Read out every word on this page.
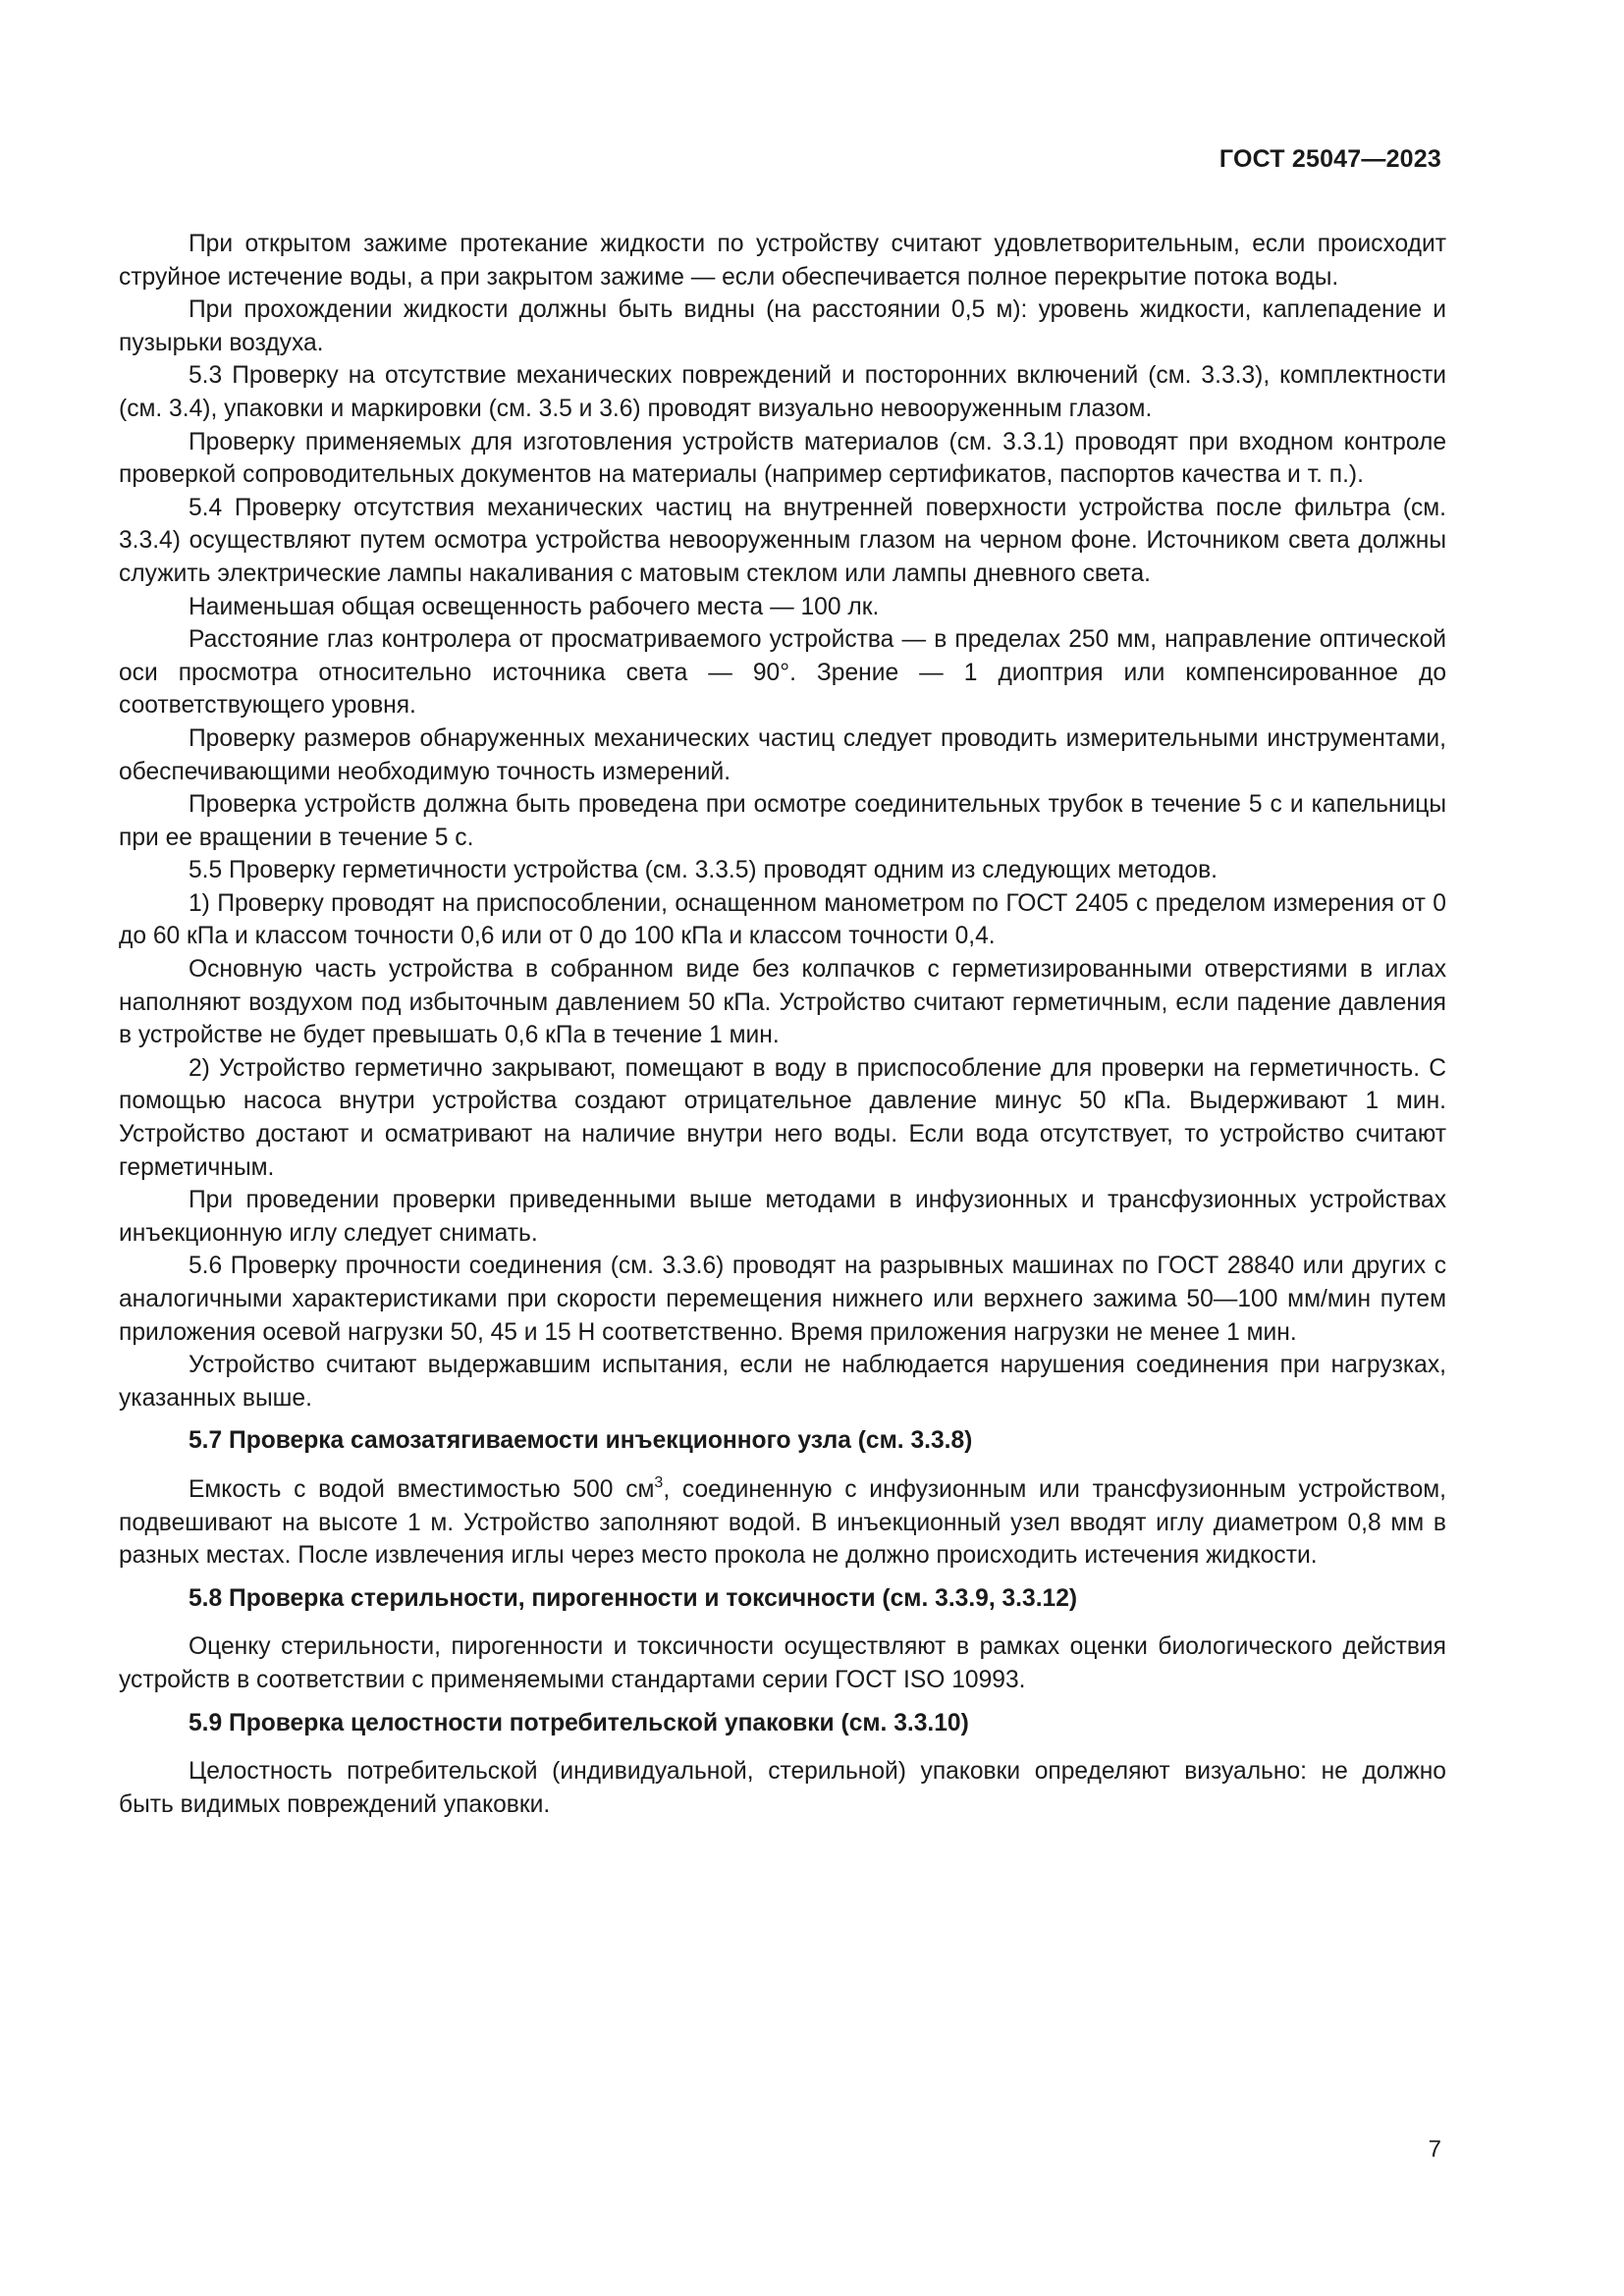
ГОСТ 25047—2023

При открытом зажиме протекание жидкости по устройству считают удовлетворительным, если происходит струйное истечение воды, а при закрытом зажиме — если обеспечивается полное перекрытие потока воды.

При прохождении жидкости должны быть видны (на расстоянии 0,5 м): уровень жидкости, каплепадение и пузырьки воздуха.

5.3 Проверку на отсутствие механических повреждений и посторонних включений (см. 3.3.3), комплектности (см. 3.4), упаковки и маркировки (см. 3.5 и 3.6) проводят визуально невооруженным глазом.

Проверку применяемых для изготовления устройств материалов (см. 3.3.1) проводят при входном контроле проверкой сопроводительных документов на материалы (например сертификатов, паспортов качества и т. п.).

5.4 Проверку отсутствия механических частиц на внутренней поверхности устройства после фильтра (см. 3.3.4) осуществляют путем осмотра устройства невооруженным глазом на черном фоне. Источником света должны служить электрические лампы накаливания с матовым стеклом или лампы дневного света.

Наименьшая общая освещенность рабочего места — 100 лк.

Расстояние глаз контролера от просматриваемого устройства — в пределах 250 мм, направление оптической оси просмотра относительно источника света — 90°. Зрение — 1 диоптрия или компенсированное до соответствующего уровня.

Проверку размеров обнаруженных механических частиц следует проводить измерительными инструментами, обеспечивающими необходимую точность измерений.

Проверка устройств должна быть проведена при осмотре соединительных трубок в течение 5 с и капельницы при ее вращении в течение 5 с.

5.5 Проверку герметичности устройства (см. 3.3.5) проводят одним из следующих методов.

1) Проверку проводят на приспособлении, оснащенном манометром по ГОСТ 2405 с пределом измерения от 0 до 60 кПа и классом точности 0,6 или от 0 до 100 кПа и классом точности 0,4.

Основную часть устройства в собранном виде без колпачков с герметизированными отверстиями в иглах наполняют воздухом под избыточным давлением 50 кПа. Устройство считают герметичным, если падение давления в устройстве не будет превышать 0,6 кПа в течение 1 мин.

2) Устройство герметично закрывают, помещают в воду в приспособление для проверки на герметичность. С помощью насоса внутри устройства создают отрицательное давление минус 50 кПа. Выдерживают 1 мин. Устройство достают и осматривают на наличие внутри него воды. Если вода отсутствует, то устройство считают герметичным.

При проведении проверки приведенными выше методами в инфузионных и трансфузионных устройствах инъекционную иглу следует снимать.

5.6 Проверку прочности соединения (см. 3.3.6) проводят на разрывных машинах по ГОСТ 28840 или других с аналогичными характеристиками при скорости перемещения нижнего или верхнего зажима 50—100 мм/мин путем приложения осевой нагрузки 50, 45 и 15 Н соответственно. Время приложения нагрузки не менее 1 мин.

Устройство считают выдержавшим испытания, если не наблюдается нарушения соединения при нагрузках, указанных выше.

5.7 Проверка самозатягиваемости инъекционного узла (см. 3.3.8)

Емкость с водой вместимостью 500 $см^3$, соединенную с инфузионным или трансфузионным устройством, подвешивают на высоте 1 м. Устройство заполняют водой. В инъекционный узел вводят иглу диаметром 0,8 мм в разных местах. После извлечения иглы через место прокола не должно происходить истечения жидкости.

5.8 Проверка стерильности, пирогенности и токсичности (см. 3.3.9, 3.3.12)

Оценку стерильности, пирогенности и токсичности осуществляют в рамках оценки биологического действия устройств в соответствии с применяемыми стандартами серии ГОСТ ISO 10993.

5.9 Проверка целостности потребительской упаковки (см. 3.3.10)

Целостность потребительской (индивидуальной, стерильной) упаковки определяют визуально: не должно быть видимых повреждений упаковки.

7
